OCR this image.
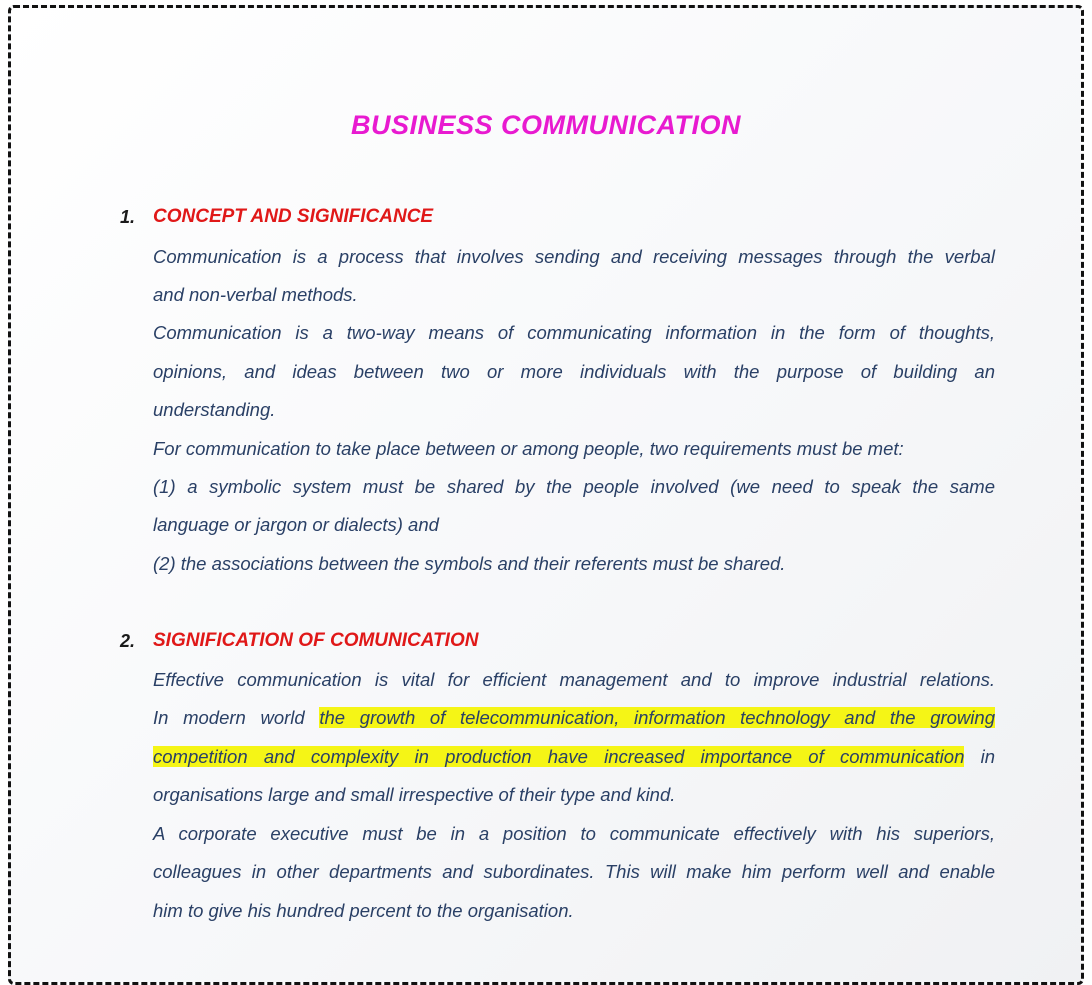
BUSINESS COMMUNICATION
1. CONCEPT AND SIGNIFICANCE
Communication is a process that involves sending and receiving messages through the verbal
and non-verbal methods.
Communication is a two-way means of communicating information in the form of thoughts,
opinions, and ideas between two or more individuals with the purpose of building an
understanding.
For communication to take place between or among people, two requirements must be met:
(1) a symbolic system must be shared by the people involved (we need to speak the same
language or jargon or dialects) and
(2) the associations between the symbols and their referents must be shared.
2. SIGNIFICATION OF COMUNICATION
Effective communication is vital for efficient management and to improve industrial relations.
In modern world the growth of telecommunication, information technology and the growing
competition and complexity in production have increased importance of communication in
organisations large and small irrespective of their type and kind.
A corporate executive must be in a position to communicate effectively with his superiors,
colleagues in other departments and subordinates. This will make him perform well and enable
him to give his hundred percent to the organisation.
